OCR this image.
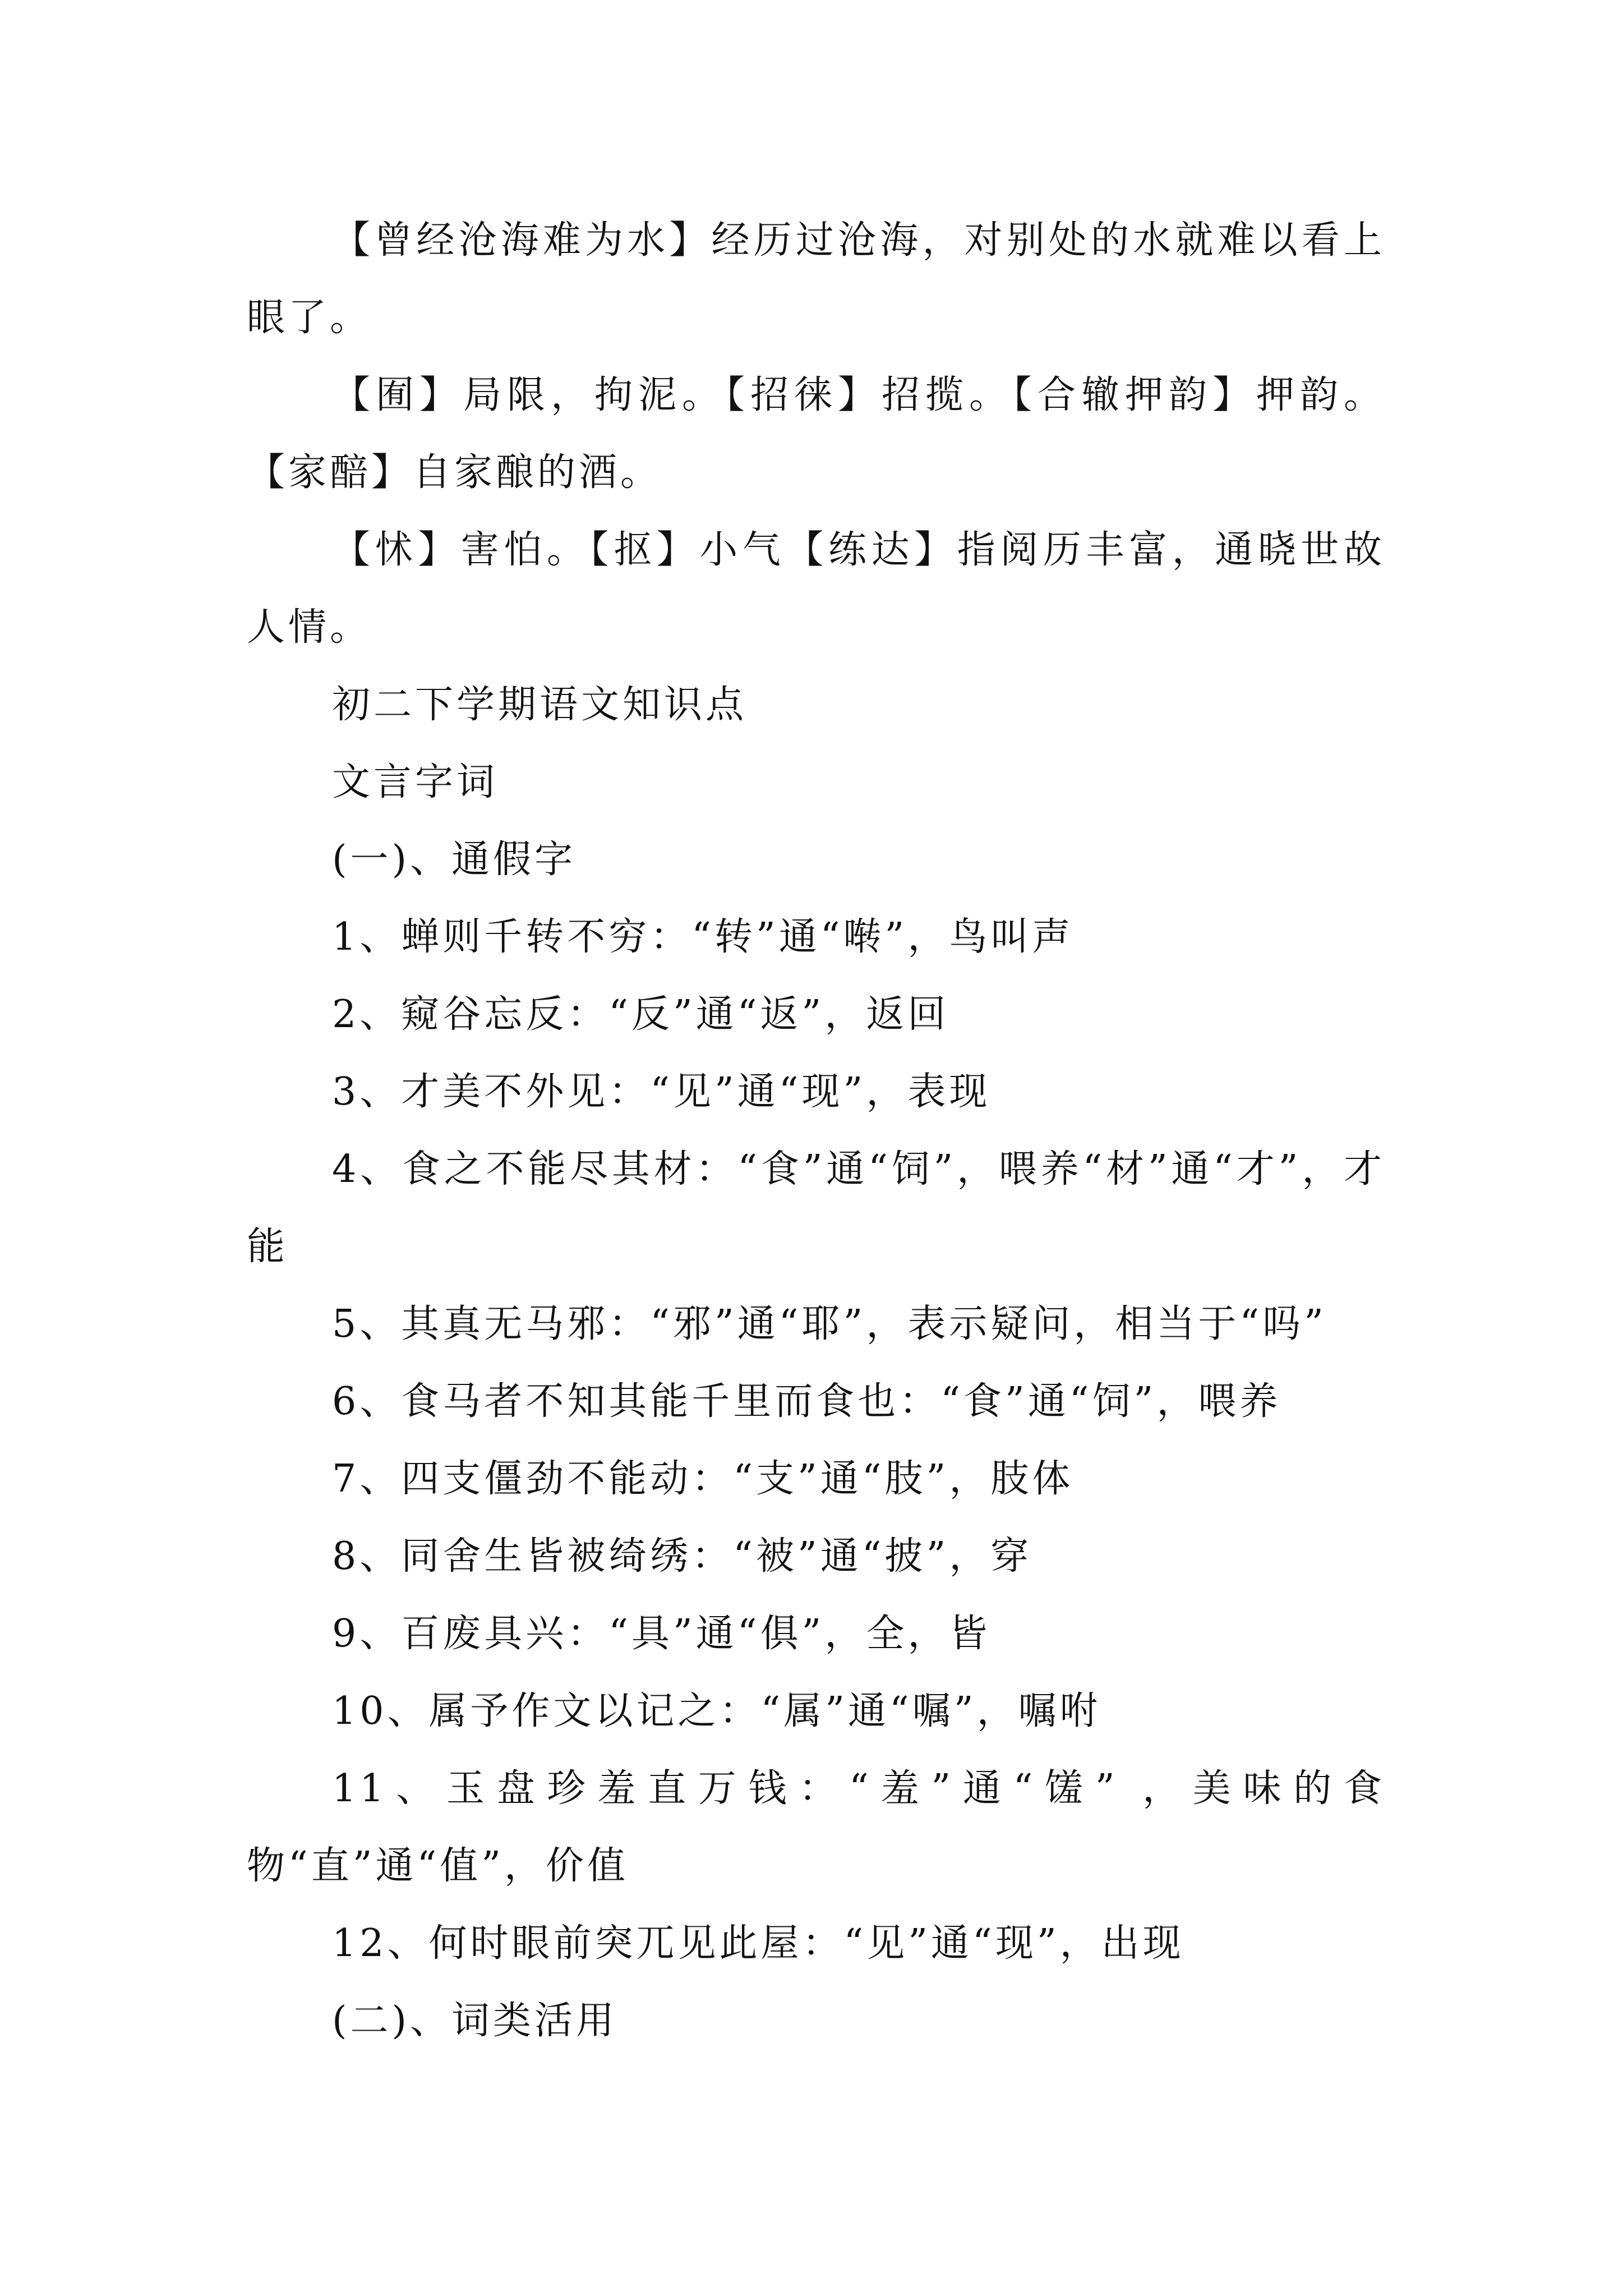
【曾经沧海难为水】经历过沧海，对别处的水就难以看上眼了。

【囿】局限，拘泥。【招徕】招揽。【合辙押韵】押韵。【家醅】自家酿的酒。

【怵】害怕。【抠】小气【练达】指阅历丰富，通晓世故人情。

初二下学期语文知识点

文言字词

(一)、通假字

1、蝉则千转不穷：“转”通“啭”，鸟叫声

2、窥谷忘反：“反”通“返”，返回

3、才美不外见：“见”通“现”，表现

4、食之不能尽其材：“食”通“饲”，喂养“材”通“才”，才能

5、其真无马邪：“邪”通“耶”，表示疑问，相当于“吗”

6、食马者不知其能千里而食也：“食”通“饲”，喂养

7、四支僵劲不能动：“支”通“肢”，肢体

8、同舍生皆被绮绣：“被”通“披”，穿

9、百废具兴：“具”通“俱”，全，皆

10、属予作文以记之：“属”通“嘱”，嘱咐

11、玉盘珍羞直万钱：“羞”通“馐” ，美味的食物“直”通“值”，价值

12、何时眼前突兀见此屋：“见”通“现”，出现

(二)、词类活用
